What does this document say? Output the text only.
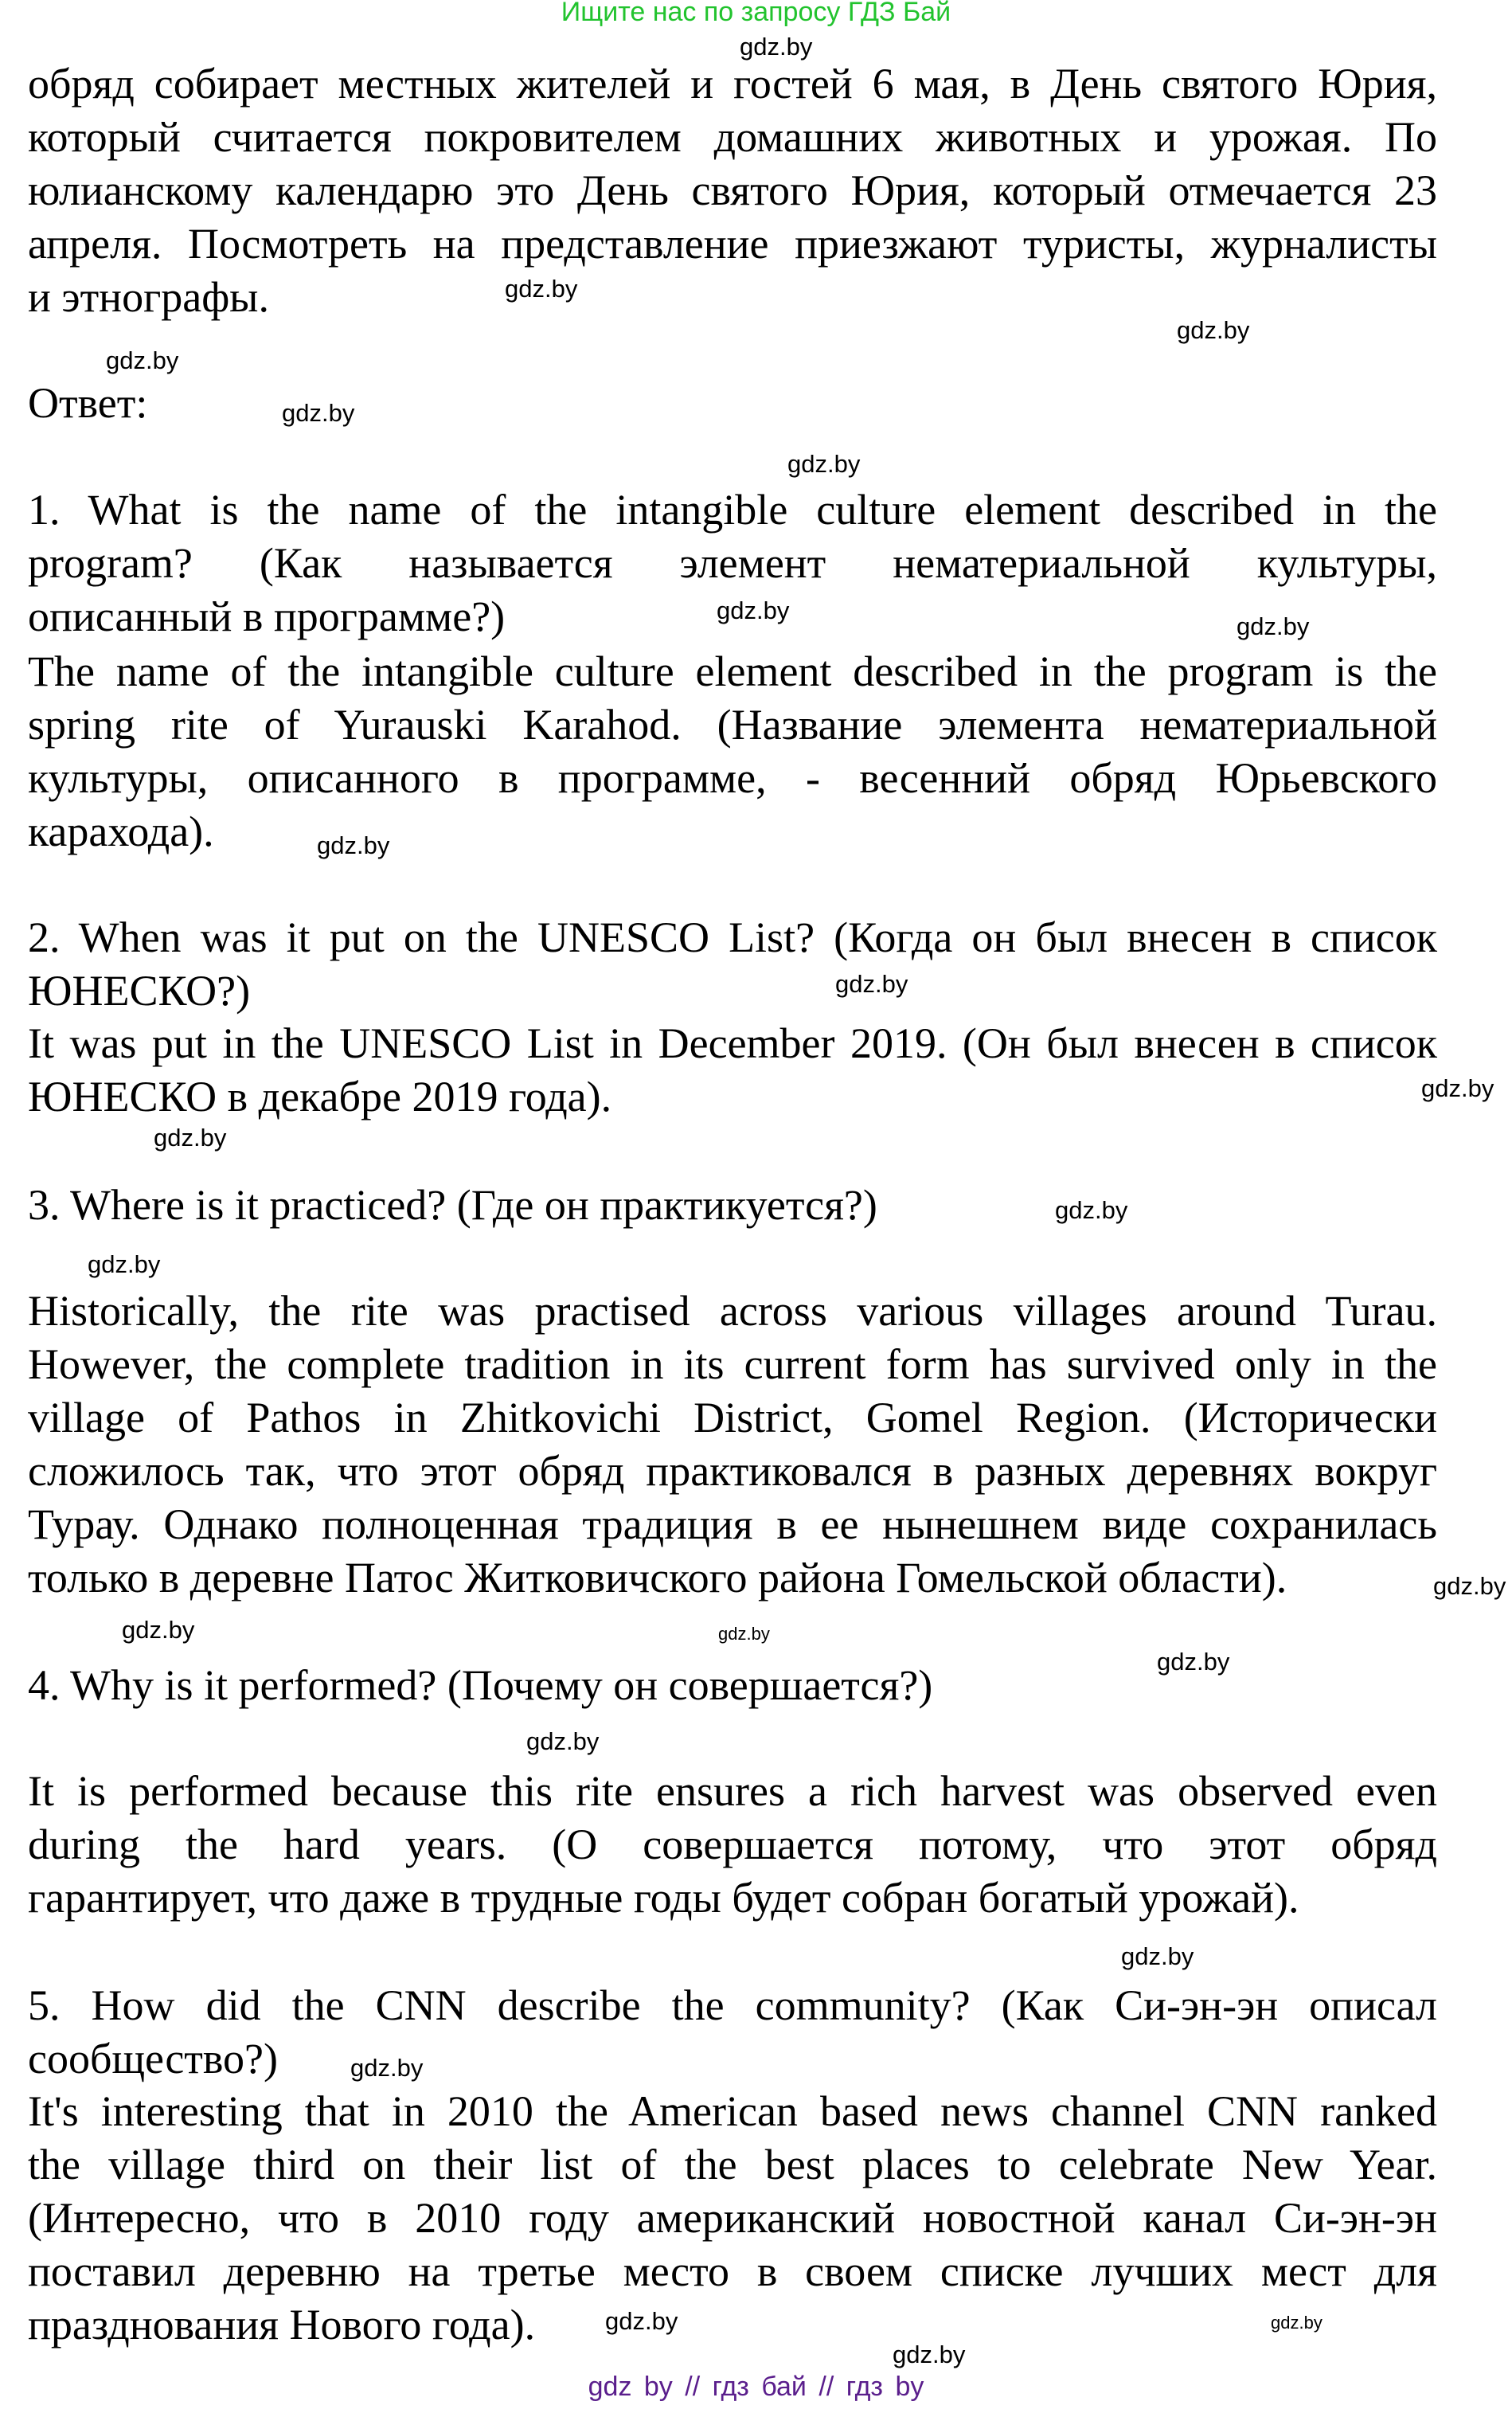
Ищите нас по запросу ГДЗ Бай
обряд собирает местных жителей и гостей 6 мая, в День святого Юрия,
который считается покровителем домашних животных и урожая. По
юлианскому календарю это День святого Юрия, который отмечается 23
апреля. Посмотреть на представление приезжают туристы, журналисты
и этнографы.
Ответ:
1. What is the name of the intangible culture element described in the
program? (Как называется элемент нематериальной культуры,
описанный в программе?)
The name of the intangible culture element described in the program is the
spring rite of Yurauski Karahod. (Название элемента нематериальной
культуры, описанного в программе, - весенний обряд Юрьевского
карахода).
2. When was it put on the UNESCO List? (Когда он был внесен в список
ЮНЕСКО?)
It was put in the UNESCO List in December 2019. (Он был внесен в список
ЮНЕСКО в декабре 2019 года).
3. Where is it practiced? (Где он практикуется?)
Historically, the rite was practised across various villages around Turau.
However, the complete tradition in its current form has survived only in the
village of Pathos in Zhitkovichi District, Gomel Region. (Исторически
сложилось так, что этот обряд практиковался в разных деревнях вокруг
Турау. Однако полноценная традиция в ее нынешнем виде сохранилась
только в деревне Патос Житковичского района Гомельской области).
4. Why is it performed? (Почему он совершается?)
It is performed because this rite ensures a rich harvest was observed even
during the hard years. (О совершается потому, что этот обряд
гарантирует, что даже в трудные годы будет собран богатый урожай).
5. How did the CNN describe the community? (Как Си-эн-эн описал
сообщество?)
It's interesting that in 2010 the American based news channel CNN ranked
the village third on their list of the best places to celebrate New Year.
(Интересно, что в 2010 году американский новостной канал Си-эн-эн
поставил деревню на третье место в своем списке лучших мест для
празднования Нового года).
gdz.by
gdz.by
gdz.by
gdz.by
gdz.by
gdz.by
gdz.by
gdz.by
gdz.by
gdz.by
gdz.by
gdz.by
gdz.by
gdz.by
gdz.by
gdz.by
gdz.by
gdz.by
gdz.by
gdz.by
gdz.by
gdz.by
gdz.by
gdz.by
gdz by // гдз бай // гдз by
